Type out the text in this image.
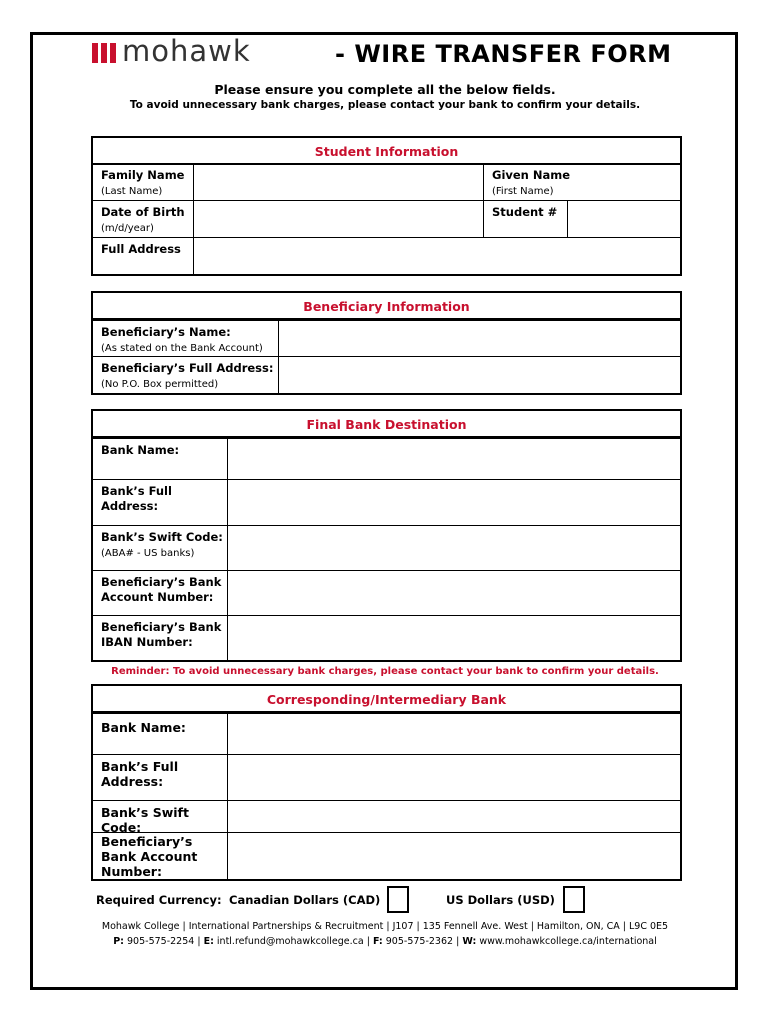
mohawk	- WIRE TRANSFER FORM
Please ensure you complete all the below fields.
To avoid unnecessary bank charges, please contact your bank to confirm your details.
Student Information
Family Name
(Last Name)
Given Name
(First Name)
Date of Birth
(m/d/year)
Student #
Full Address
Beneficiary Information
Beneficiary’s Name:
(As stated on the Bank Account)
Beneficiary’s Full Address:
(No P.O. Box permitted)
Final Bank Destination
Bank Name:
Bank’s Full
Address:
Bank’s Swift Code:
(ABA# - US banks)
Beneficiary’s Bank
Account Number:
Beneficiary’s Bank
IBAN Number:
Reminder: To avoid unnecessary bank charges, please contact your bank to confirm your details.
Corresponding/Intermediary Bank
Bank Name:
Bank’s Full
Address:
Bank’s Swift
Code:
Beneficiary’s
Bank Account
Number:
Required Currency: Canadian Dollars (CAD)	US Dollars (USD)
Mohawk College | International Partnerships & Recruitment | J107 | 135 Fennell Ave. West | Hamilton, ON, CA | L9C 0E5
P: 905-575-2254 | E: intl.refund@mohawkcollege.ca | F: 905-575-2362 | W: www.mohawkcollege.ca/international
